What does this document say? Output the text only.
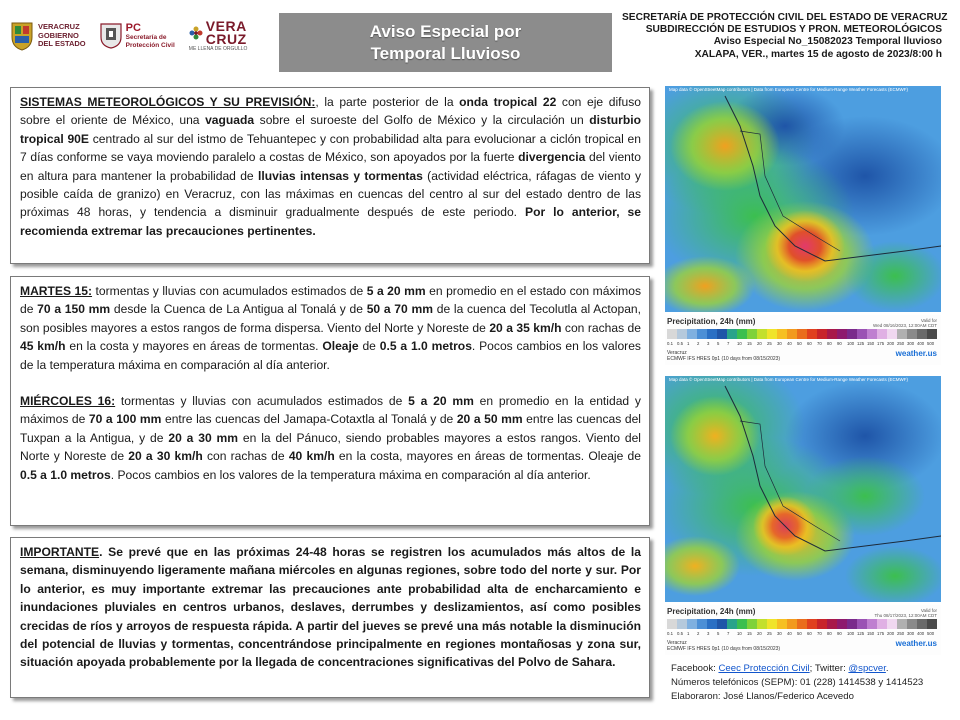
VERACRUZ
GOBIERNO
DEL ESTADO
PC
Secretaría de
Protección Civil
VERA
CRUZ
ME LLENA DE ORGULLO
Aviso Especial por
Temporal Lluvioso
SECRETARÍA DE PROTECCIÓN CIVIL DEL ESTADO DE VERACRUZ
SUBDIRECCIÓN DE ESTUDIOS Y PRON. METEOROLÓGICOS
Aviso Especial No_15082023 Temporal lluvioso
XALAPA, VER., martes 15 de agosto de 2023/8:00 h

SISTEMAS METEOROLÓGICOS Y SU PREVISIÓN:, la parte posterior de la onda tropical 22 con eje difuso sobre el oriente de México, una vaguada sobre el suroeste del Golfo de México y la circulación un disturbio tropical 90E centrado al sur del istmo de Tehuantepec y con probabilidad alta para evolucionar a ciclón tropical en 7 días conforme se vaya moviendo paralelo a costas de México, son apoyados por la fuerte divergencia del viento en altura para mantener la probabilidad de lluvias intensas y tormentas (actividad eléctrica, ráfagas de viento y posible caída de granizo) en Veracruz, con las máximas en cuencas del centro al sur del estado dentro de las próximas 48 horas, y tendencia a disminuir gradualmente después de este periodo. Por lo anterior, se recomienda extremar las precauciones pertinentes.

MARTES 15: tormentas y lluvias con acumulados estimados de 5 a 20 mm en promedio en el estado con máximos de 70 a 150 mm desde la Cuenca de La Antigua al Tonalá y de 50 a 70 mm de la cuenca del Tecolutla al Actopan, son posibles mayores a estos rangos de forma dispersa. Viento del Norte y Noreste de 20 a 35 km/h con rachas de 45 km/h en la costa y mayores en áreas de tormentas. Oleaje de 0.5 a 1.0 metros. Pocos cambios en los valores de la temperatura máxima en comparación al día anterior.

MIÉRCOLES 16: tormentas y lluvias con acumulados estimados de 5 a 20 mm en promedio en la entidad y máximos de 70 a 100 mm entre las cuencas del Jamapa-Cotaxtla al Tonalá y de 20 a 50 mm entre las cuencas del Tuxpan a la Antigua, y de 20 a 30 mm en la del Pánuco, siendo probables mayores a estos rangos. Viento del Norte y Noreste de 20 a 30 km/h con rachas de 40 km/h en la costa, mayores en áreas de tormentas. Oleaje de 0.5 a 1.0 metros. Pocos cambios en los valores de la temperatura máxima en comparación al día anterior.

IMPORTANTE. Se prevé que en las próximas 24-48 horas se registren los acumulados más altos de la semana, disminuyendo ligeramente mañana miércoles en algunas regiones, sobre todo del norte y sur. Por lo anterior, es muy importante extremar las precauciones ante probabilidad alta de encharcamiento e inundaciones pluviales en centros urbanos, deslaves, derrumbes y deslizamientos, así como posibles crecidas de ríos y arroyos de respuesta rápida. A partir del jueves se prevé una más notable la disminución del potencial de lluvias y tormentas, concentrándose principalmente en regiones montañosas y zona sur, situación apoyada probablemente por la llegada de concentraciones significativas del Polvo de Sahara.

Map data © OpenStreetMap contributors | Data from European Centre for Medium-Range Weather Forecasts (ECMWF)
Precipitation, 24h (mm)	Valid for
Wed 08/16/2023, 12:00AM CDT
0.1 0.5 1	2	3	5	7	10	15	20	25	30	40	50	60	70	80	90	100 125 150 175 200 250 300 400 500
Veracruz
ECMWF IFS HRES 0p1 (10 days from 08/15/2023)
weather.us
Map data © OpenStreetMap contributors | Data from European Centre for Medium-Range Weather Forecasts (ECMWF)
Precipitation, 24h (mm)	Valid for
Thu 08/17/2023, 12:00AM CDT
0.1 0.5 1	2	3	5	7	10	15	20	25	30	40	50	60	70	80	90	100 125 150 175 200 250 300 400 500
Veracruz
ECMWF IFS HRES 0p1 (10 days from 08/15/2023)
weather.us
Facebook: Ceec Protección Civil; Twitter: @spcver.
Números telefónicos (SEPM): 01 (228) 1414538 y 1414523
Elaboraron: José Llanos/Federico Acevedo
